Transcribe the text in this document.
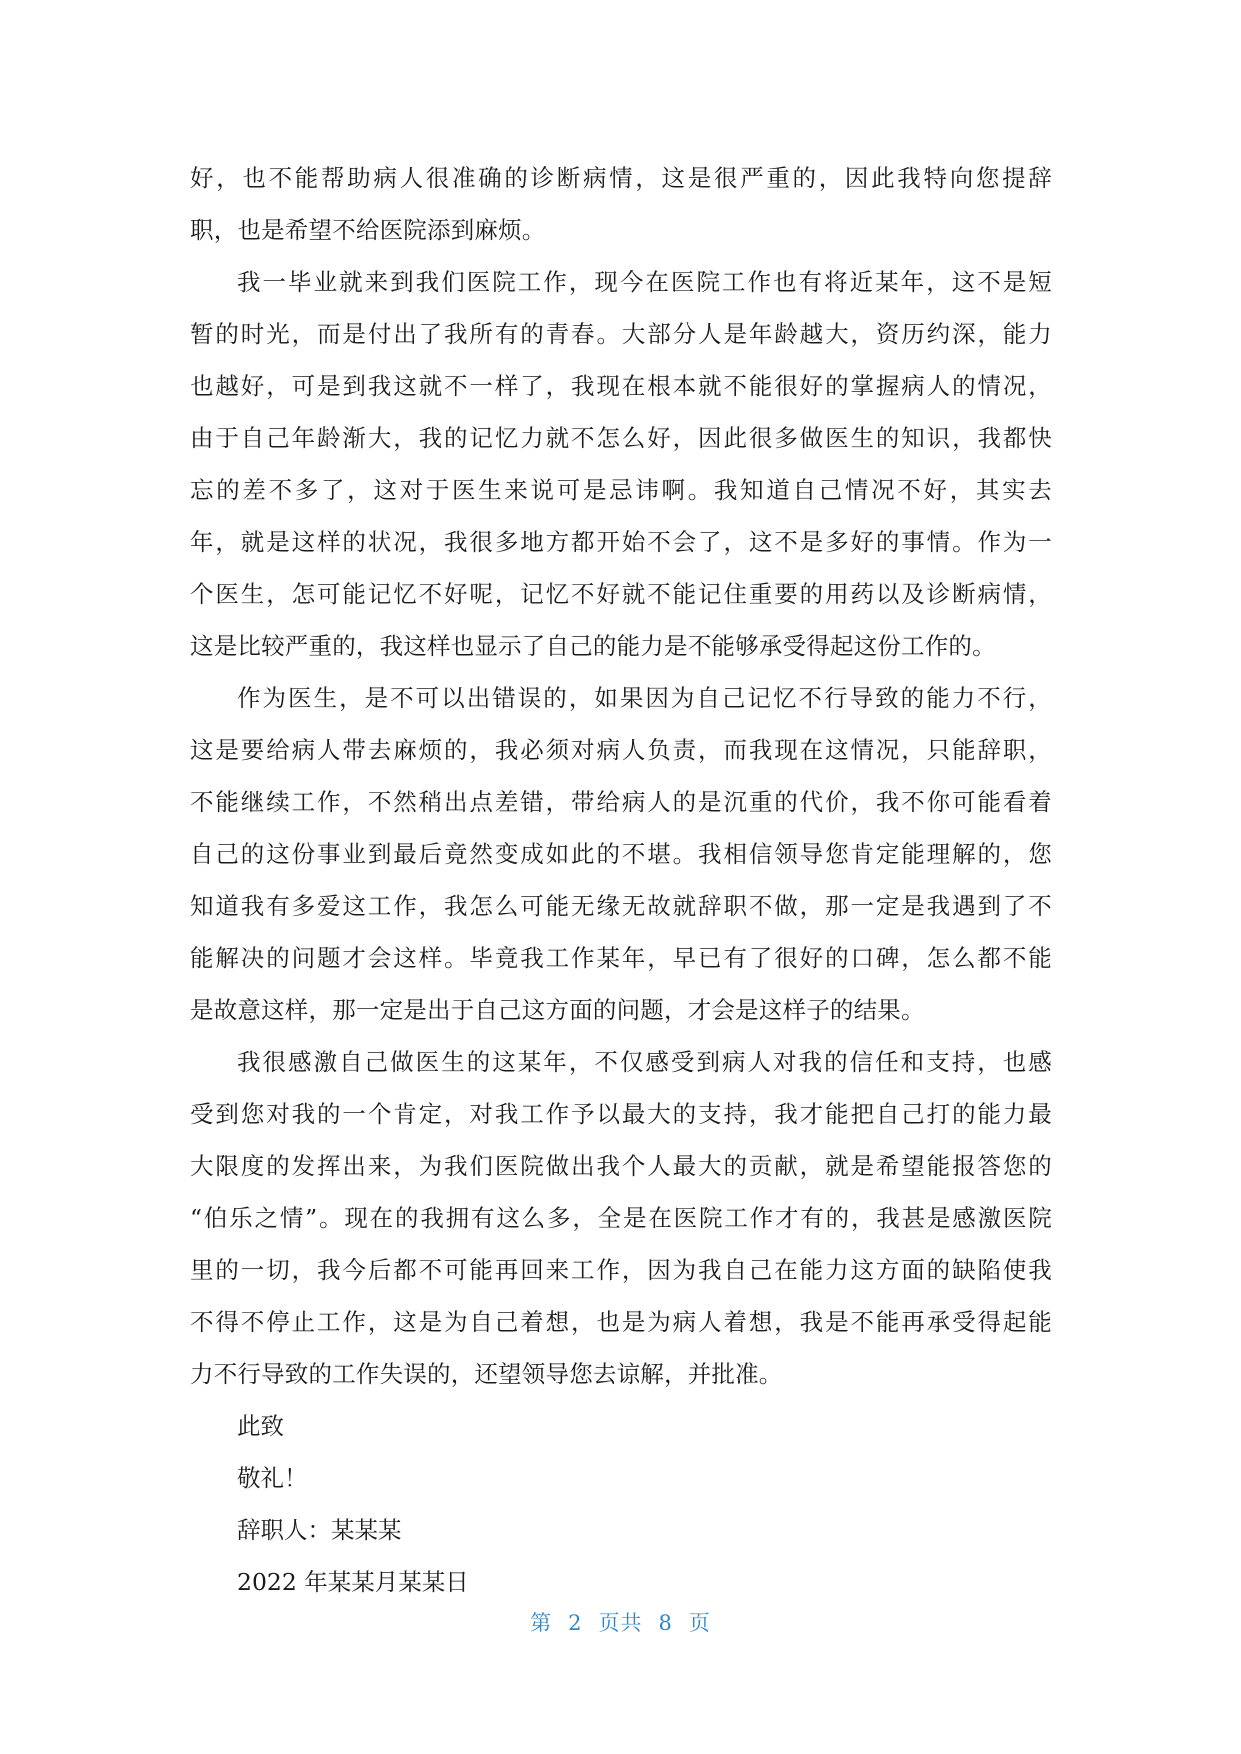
好，也不能帮助病人很准确的诊断病情，这是很严重的，因此我特向您提辞
职，也是希望不给医院添到麻烦。
我一毕业就来到我们医院工作，现今在医院工作也有将近某年，这不是短
暂的时光，而是付出了我所有的青春。大部分人是年龄越大，资历约深，能力
也越好，可是到我这就不一样了，我现在根本就不能很好的掌握病人的情况，
由于自己年龄渐大，我的记忆力就不怎么好，因此很多做医生的知识，我都快
忘的差不多了，这对于医生来说可是忌讳啊。我知道自己情况不好，其实去
年，就是这样的状况，我很多地方都开始不会了，这不是多好的事情。作为一
个医生，怎可能记忆不好呢，记忆不好就不能记住重要的用药以及诊断病情，
这是比较严重的，我这样也显示了自己的能力是不能够承受得起这份工作的。
作为医生，是不可以出错误的，如果因为自己记忆不行导致的能力不行，
这是要给病人带去麻烦的，我必须对病人负责，而我现在这情况，只能辞职，
不能继续工作，不然稍出点差错，带给病人的是沉重的代价，我不你可能看着
自己的这份事业到最后竟然变成如此的不堪。我相信领导您肯定能理解的，您
知道我有多爱这工作，我怎么可能无缘无故就辞职不做，那一定是我遇到了不
能解决的问题才会这样。毕竟我工作某年，早已有了很好的口碑，怎么都不能
是故意这样，那一定是出于自己这方面的问题，才会是这样子的结果。
我很感激自己做医生的这某年，不仅感受到病人对我的信任和支持，也感
受到您对我的一个肯定，对我工作予以最大的支持，我才能把自己打的能力最
大限度的发挥出来，为我们医院做出我个人最大的贡献，就是希望能报答您的
“伯乐之情”。现在的我拥有这么多，全是在医院工作才有的，我甚是感激医院
里的一切，我今后都不可能再回来工作，因为我自己在能力这方面的缺陷使我
不得不停止工作，这是为自己着想，也是为病人着想，我是不能再承受得起能
力不行导致的工作失误的，还望领导您去谅解，并批准。
此致
敬礼！
辞职人：某某某
2022 年某某月某某日
第 2 页共 8 页
